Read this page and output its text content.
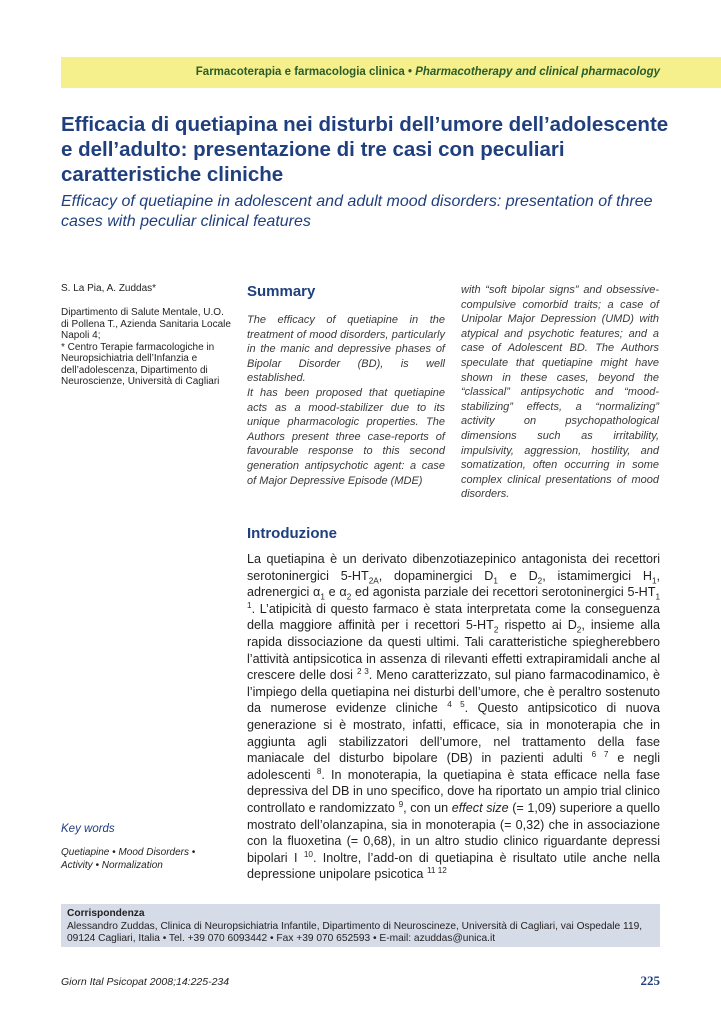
Farmacoterapia e farmacologia clinica • Pharmacotherapy and clinical pharmacology
Efficacia di quetiapina nei disturbi dell’umore dell’adolescente e dell’adulto: presentazione di tre casi con peculiari caratteristiche cliniche
Efficacy of quetiapine in adolescent and adult mood disorders: presentation of three cases with peculiar clinical features
S. La Pia, A. Zuddas*

Dipartimento di Salute Mentale, U.O. di Pollena T., Azienda Sanitaria Locale Napoli 4;

* Centro Terapie farmacologiche in Neuropsichiatria dell’Infanzia e dell’adolescenza, Dipartimento di Neuroscienze, Università di Cagliari

Summary

The efficacy of quetiapine in the treatment of mood disorders, particularly in the manic and depressive phases of Bipolar Disorder (BD), is well established.

It has been proposed that quetiapine acts as a mood-stabilizer due to its unique pharmacologic properties. The Authors present three case-reports of favourable response to this second generation antipsychotic agent: a case of Major Depressive Episode (MDE)

with “soft bipolar signs” and obsessive-compulsive comorbid traits; a case of Unipolar Major Depression (UMD) with atypical and psychotic features; and a case of Adolescent BD. The Authors speculate that quetiapine might have shown in these cases, beyond the “classical” antipsychotic and “mood-stabilizing” effects, a “normalizing” activity on psychopathological dimensions such as irritability, impulsivity, aggression, hostility, and somatization, often occurring in some complex clinical presentations of mood disorders.

Introduzione

La quetiapina è un derivato dibenzotiazepinico antagonista dei recettori serotoninergici $5-HT_{2A}$, dopaminergici $D_1$ e $D_2$, istamimergici $H_1$, adrenergici $\alpha_1$ e $\alpha_2$ ed agonista parziale dei recettori serotoninergici $5-HT_1$ $^1$. L’atipicità di questo farmaco è stata interpretata come la conseguenza della maggiore affinità per i recettori $5-HT_2$ rispetto ai $D_2$, insieme alla rapida dissociazione da questi ultimi. Tali caratteristiche spiegherebbero l’attività antipsicotica in assenza di rilevanti effetti extrapiramidali anche al crescere delle dosi $^{2 3}$. Meno caratterizzato, sul piano farmacodinamico, è l’impiego della quetiapina nei disturbi dell’umore, che è peraltro sostenuto da numerose evidenze cliniche $^{4 5}$. Questo antipsicotico di nuova generazione si è mostrato, infatti, efficace, sia in monoterapia che in aggiunta agli stabilizzatori dell’umore, nel trattamento della fase maniacale del disturbo bipolare (DB) in pazienti adulti $^{6 7}$ e negli adolescenti $^8$. In monoterapia, la quetiapina è stata efficace nella fase depressiva del DB in uno specifico, dove ha riportato un ampio trial clinico controllato e randomizzato $^9$, con un effect size (= 1,09) superiore a quello mostrato dell’olanzapina, sia in monoterapia (= 0,32) che in associazione con la fluoxetina (= 0,68), in un altro studio clinico riguardante depressi bipolari I $^{10}$. Inoltre, l’add-on di quetiapina è risultato utile anche nella depressione unipolare psicotica $^{11 12}$

Key words
Quetiapine • Mood Disorders • Activity • Normalization
Corrispondenza
Alessandro Zuddas, Clinica di Neuropsichiatria Infantile, Dipartimento di Neuroscineze, Università di Cagliari, vai Ospedale 119, 09124 Cagliari, Italia • Tel. +39 070 6093442 • Fax +39 070 652593 • E-mail: azuddas@unica.it
Giorn Ital Psicopat 2008;14:225-234	225
